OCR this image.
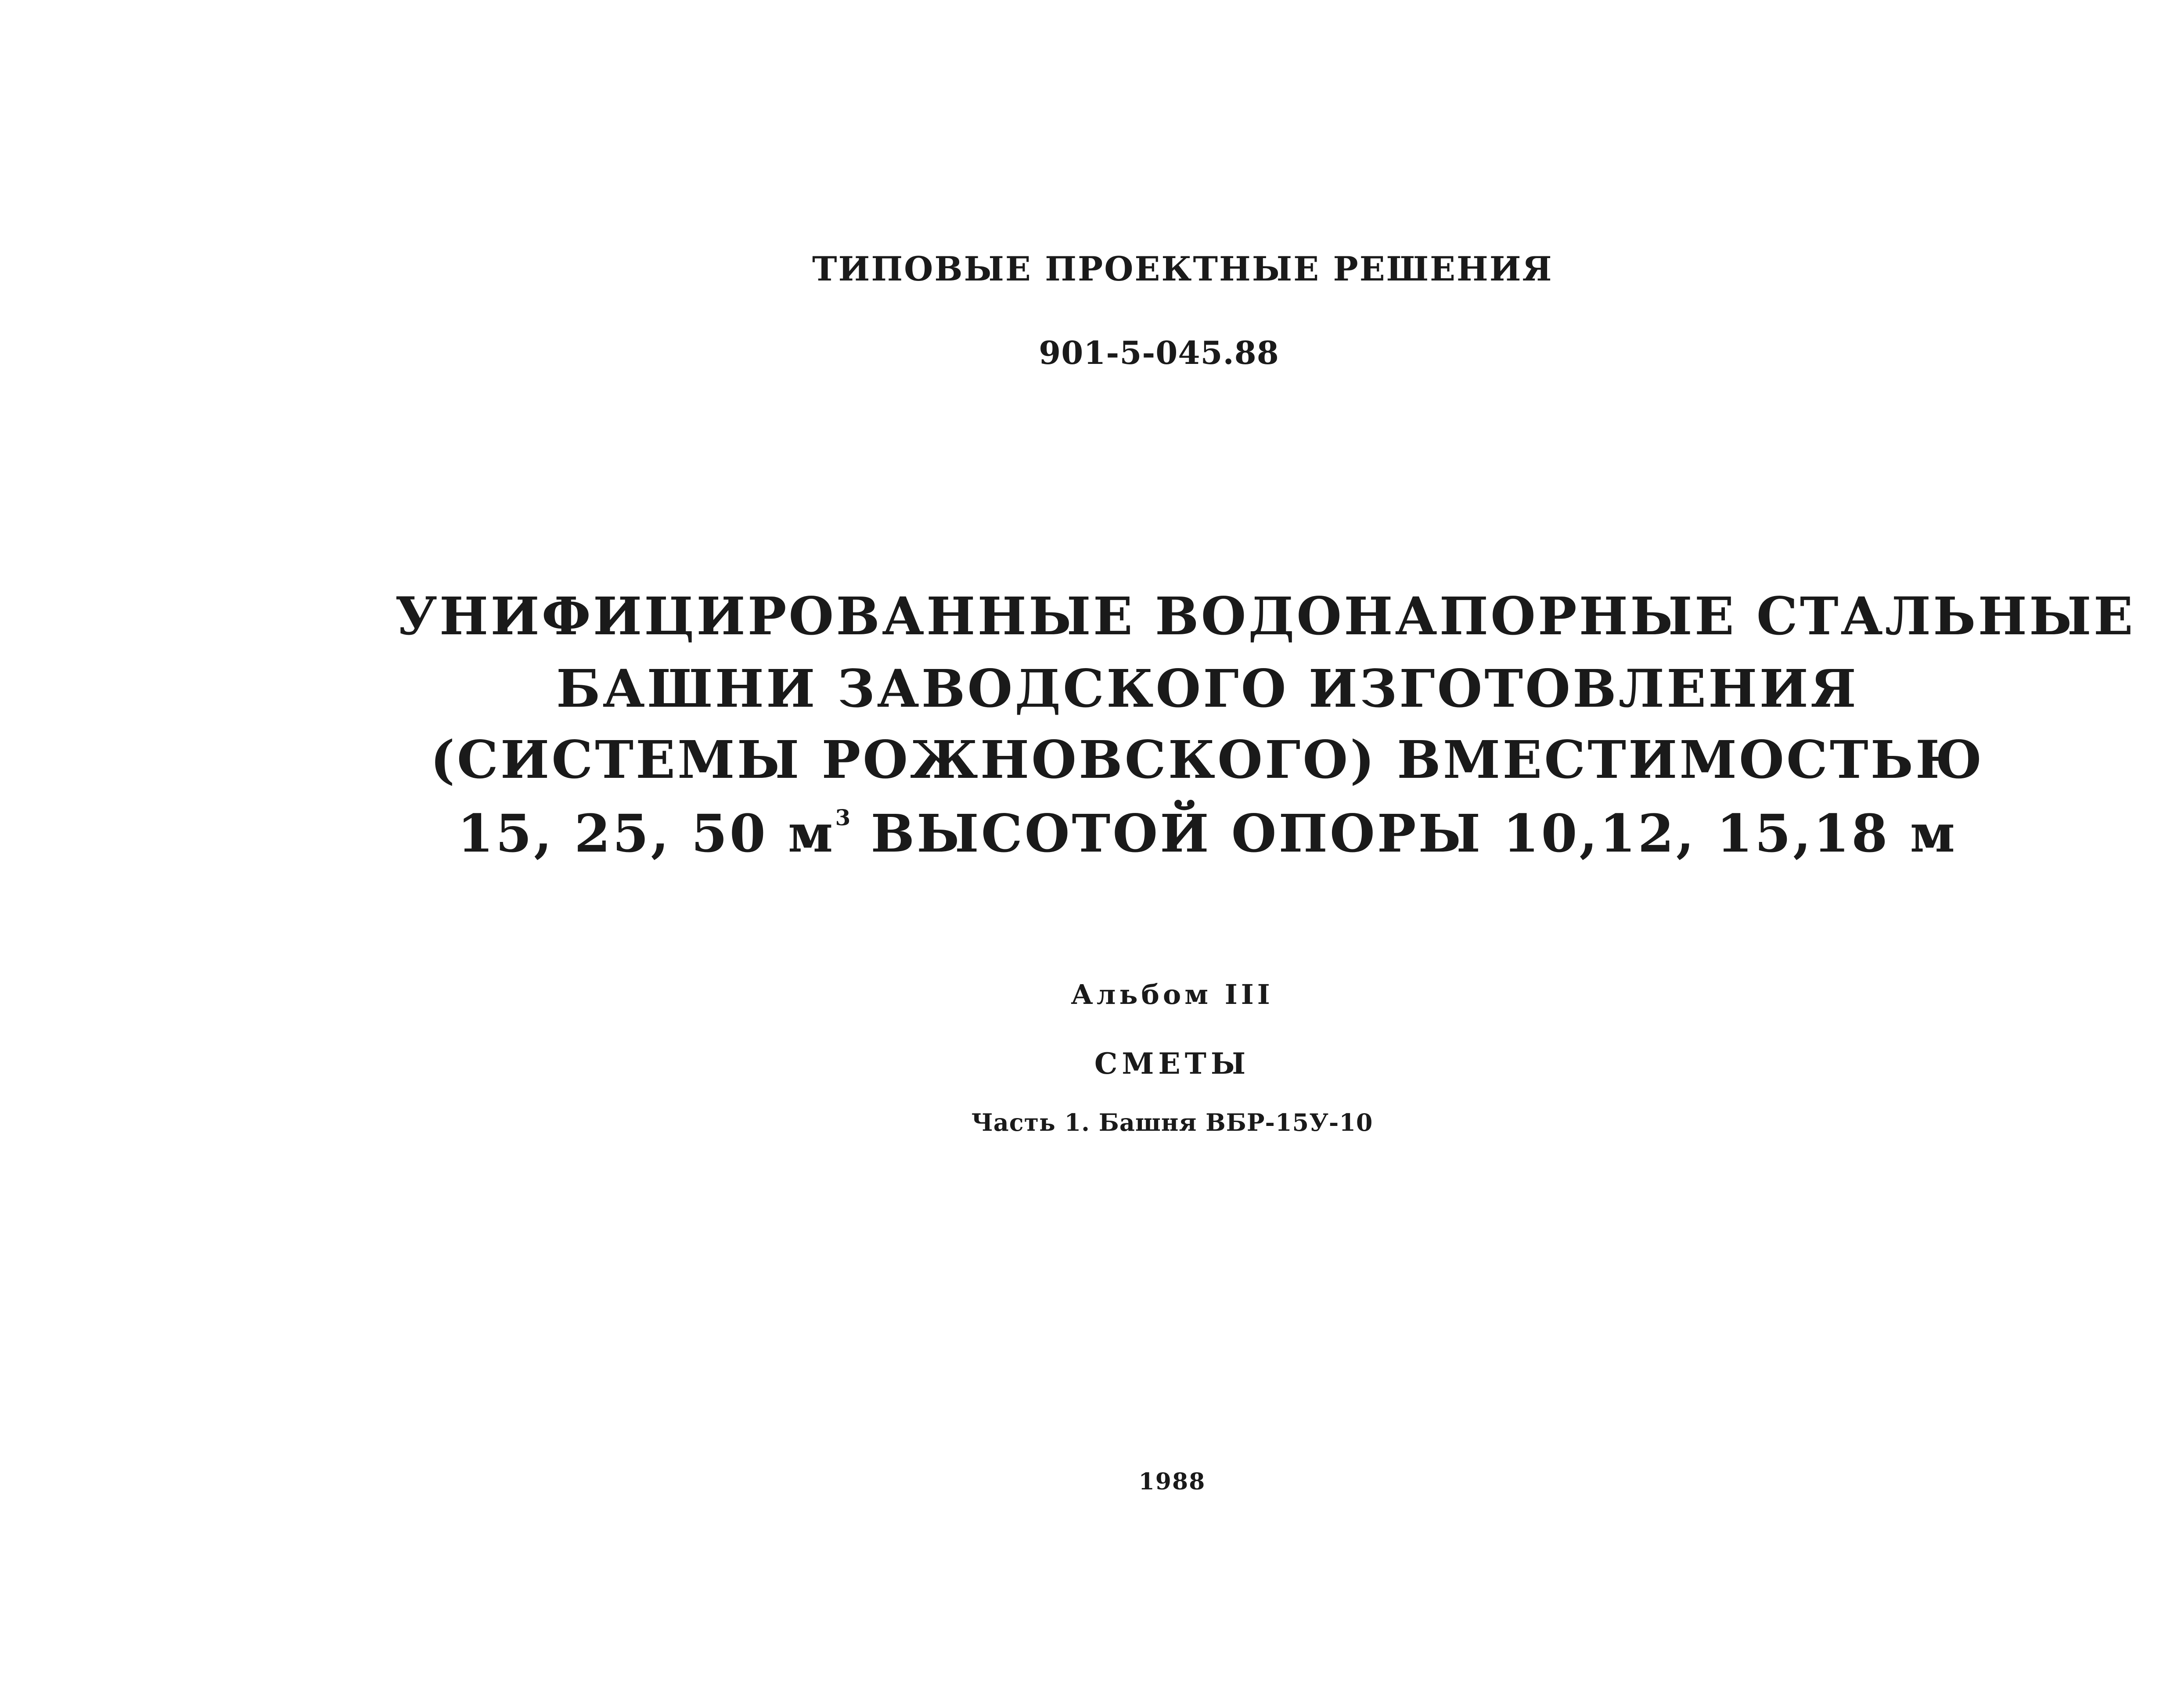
ТИПОВЫЕ ПРОЕКТНЫЕ РЕШЕНИЯ
901-5-045.88
УНИФИЦИРОВАННЫЕ ВОДОНАПОРНЫЕ СТАЛЬНЫЕ
БАШНИ ЗАВОДСКОГО ИЗГОТОВЛЕНИЯ
(СИСТЕМЫ РОЖНОВСКОГО) ВМЕСТИМОСТЬЮ
15, 25, 50 $м^3$ ВЫСОТОЙ ОПОРЫ 10,12, 15,18 м
Альбом III
СМЕТЫ
Часть 1. Башня ВБР-15У-10
1988
